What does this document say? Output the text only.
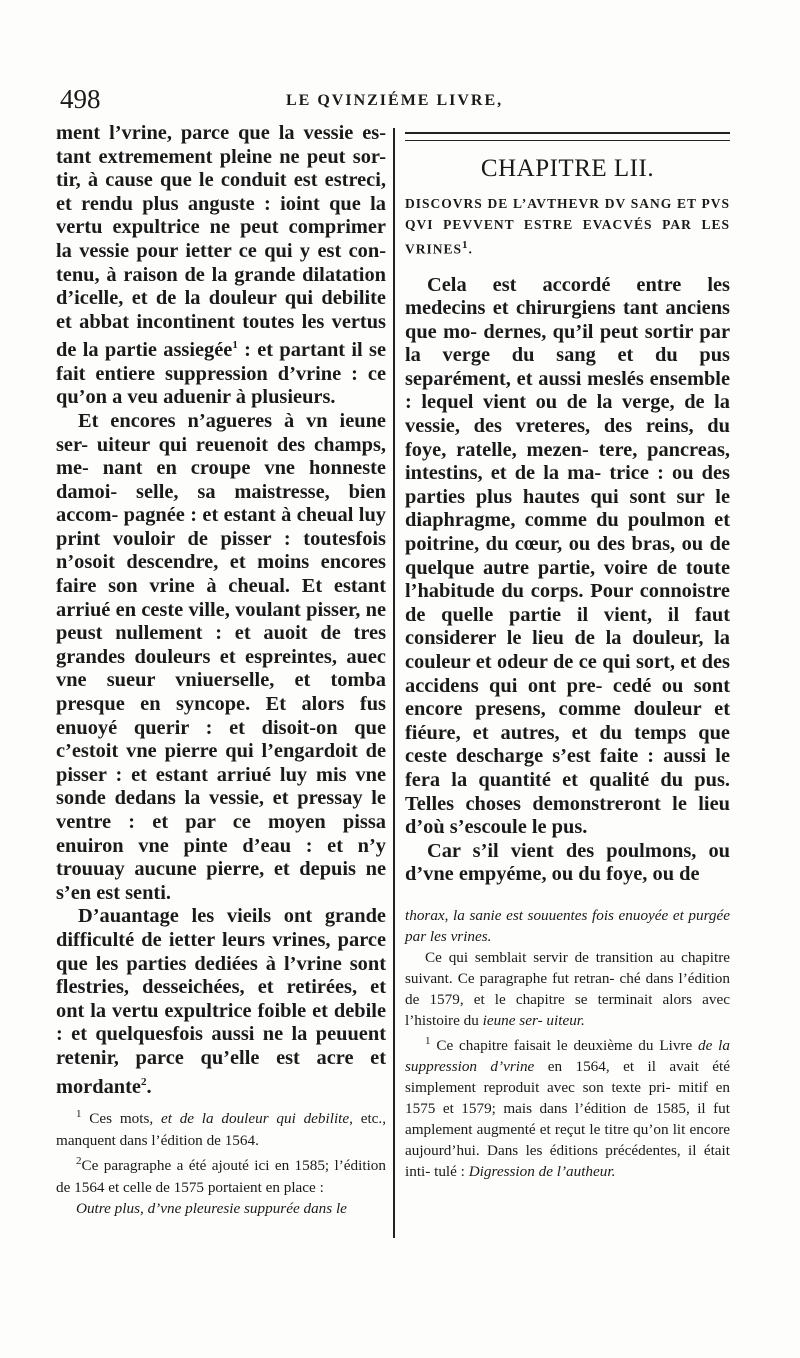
498	LE QVINZIÉME LIVRE,

ment l’vrine, parce que la vessie es- tant extremement pleine ne peut sor- tir, à cause que le conduit est estreci, et rendu plus anguste : ioint que la vertu expultrice ne peut comprimer la vessie pour ietter ce qui y est con- tenu, à raison de la grande dilatation d’icelle, et de la douleur qui debilite et abbat incontinent toutes les vertus de la partie assiegée$^1$ : et partant il se fait entiere suppression d’vrine : ce qu’on a veu aduenir à plusieurs.

Et encores n’agueres à vn ieune ser- uiteur qui reuenoit des champs, me- nant en croupe vne honneste damoi- selle, sa maistresse, bien accom- pagnée : et estant à cheual luy print vouloir de pisser : toutesfois n’osoit descendre, et moins encores faire son vrine à cheual. Et estant arriué en ceste ville, voulant pisser, ne peust nullement : et auoit de tres grandes douleurs et espreintes, auec vne sueur vniuerselle, et tomba presque en syncope. Et alors fus enuoyé querir : et disoit-on que c’estoit vne pierre qui l’engardoit de pisser : et estant arriué luy mis vne sonde dedans la vessie, et pressay le ventre : et par ce moyen pissa enuiron vne pinte d’eau : et n’y trouuay aucune pierre, et depuis ne s’en est senti.

D’auantage les vieils ont grande difficulté de ietter leurs vrines, parce que les parties dediées à l’vrine sont flestries, desseichées, et retirées, et ont la vertu expultrice foible et debile : et quelquesfois aussi ne la peuuent retenir, parce qu’elle est acre et mordante$^2$.

$^1$ Ces mots, et de la douleur qui debilite, etc., manquent dans l’édition de 1564.

$^2$Ce paragraphe a été ajouté ici en 1585; l’édition de 1564 et celle de 1575 portaient en place :

Outre plus, d’vne pleuresie suppurée dans le

CHAPITRE LII.
DISCOVRS DE L’AVTHEVR DV SANG ET PVS QVI PEVVENT ESTRE EVACVÉS PAR LES VRINES$^1$.

Cela est accordé entre les medecins et chirurgiens tant anciens que mo- dernes, qu’il peut sortir par la verge du sang et du pus separément, et aussi meslés ensemble : lequel vient ou de la verge, de la vessie, des vreteres, des reins, du foye, ratelle, mezen- tere, pancreas, intestins, et de la ma- trice : ou des parties plus hautes qui sont sur le diaphragme, comme du poulmon et poitrine, du cœur, ou des bras, ou de quelque autre partie, voire de toute l’habitude du corps. Pour connoistre de quelle partie il vient, il faut considerer le lieu de la douleur, la couleur et odeur de ce qui sort, et des accidens qui ont pre- cedé ou sont encore presens, comme douleur et fiéure, et autres, et du temps que ceste descharge s’est faite : aussi le fera la quantité et qualité du pus. Telles choses demonstreront le lieu d’où s’escoule le pus.

Car s’il vient des poulmons, ou d’vne empyéme, ou du foye, ou de

thorax, la sanie est souuentes fois enuoyée et purgée par les vrines.

Ce qui semblait servir de transition au chapitre suivant. Ce paragraphe fut retran- ché dans l’édition de 1579, et le chapitre se terminait alors avec l’histoire du ieune ser- uiteur.

$^1$ Ce chapitre faisait le deuxième du Livre de la suppression d’vrine en 1564, et il avait été simplement reproduit avec son texte pri- mitif en 1575 et 1579; mais dans l’édition de 1585, il fut amplement augmenté et reçut le titre qu’on lit encore aujourd’hui. Dans les éditions précédentes, il était inti- tulé : Digression de l’autheur.
